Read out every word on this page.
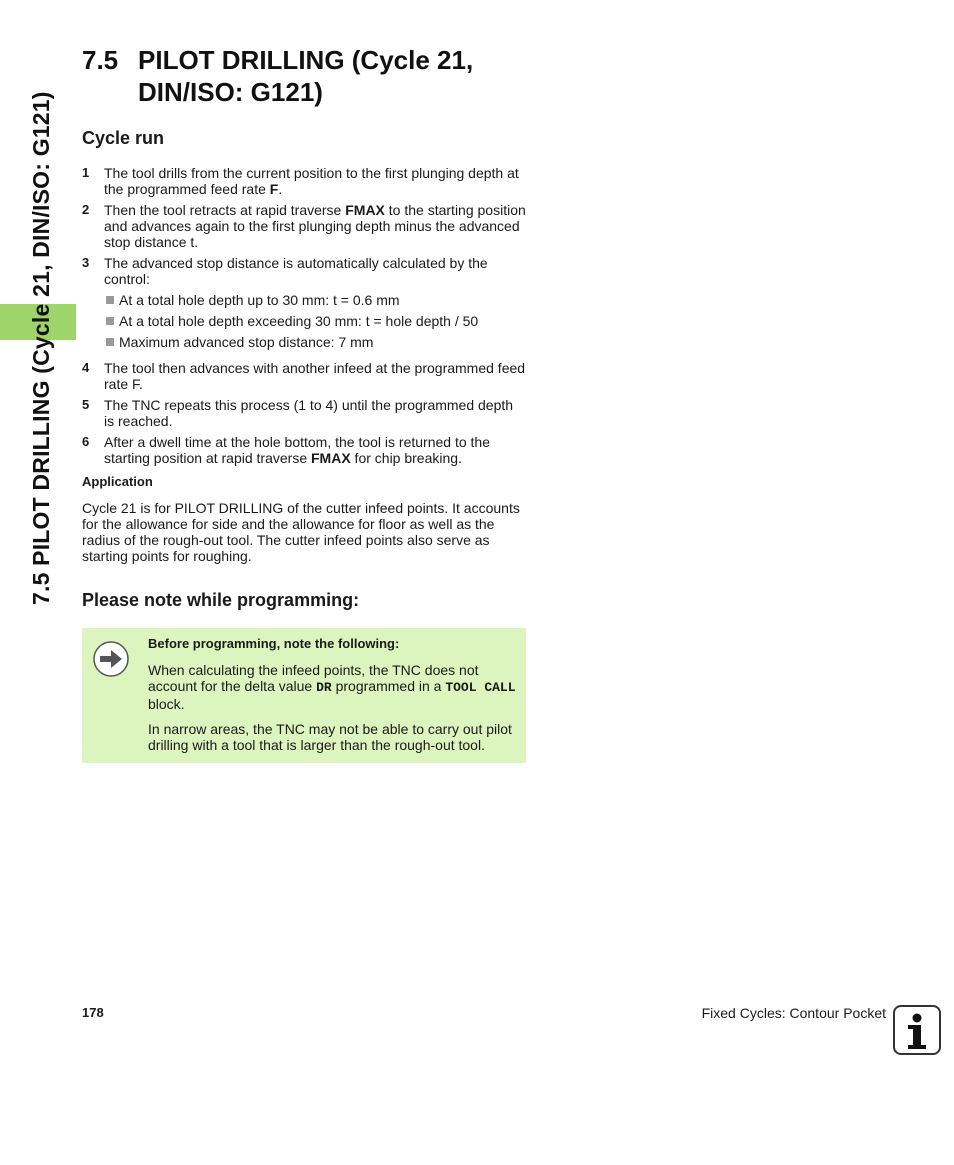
7.5 PILOT DRILLING (Cycle 21, DIN/ISO: G121)
7.5 PILOT DRILLING (Cycle 21,
DIN/ISO: G121)
Cycle run
1	The tool drills from the current position to the first plunging depth at the programmed feed rate F.
2	Then the tool retracts at rapid traverse FMAX to the starting position and advances again to the first plunging depth minus the advanced stop distance t.
3	The advanced stop distance is automatically calculated by the control:
At a total hole depth up to 30 mm: t = 0.6 mm
At a total hole depth exceeding 30 mm: t = hole depth / 50
Maximum advanced stop distance: 7 mm
4	The tool then advances with another infeed at the programmed feed rate F.
5	The TNC repeats this process (1 to 4) until the programmed depth is reached.
6	After a dwell time at the hole bottom, the tool is returned to the starting position at rapid traverse FMAX for chip breaking.
Application
Cycle 21 is for PILOT DRILLING of the cutter infeed points. It accounts for the allowance for side and the allowance for floor as well as the radius of the rough-out tool. The cutter infeed points also serve as starting points for roughing.
Please note while programming:
Before programming, note the following:

When calculating the infeed points, the TNC does not account for the delta value DR programmed in a TOOL CALL block.

In narrow areas, the TNC may not be able to carry out pilot drilling with a tool that is larger than the rough-out tool.

178	Fixed Cycles: Contour Pocket
